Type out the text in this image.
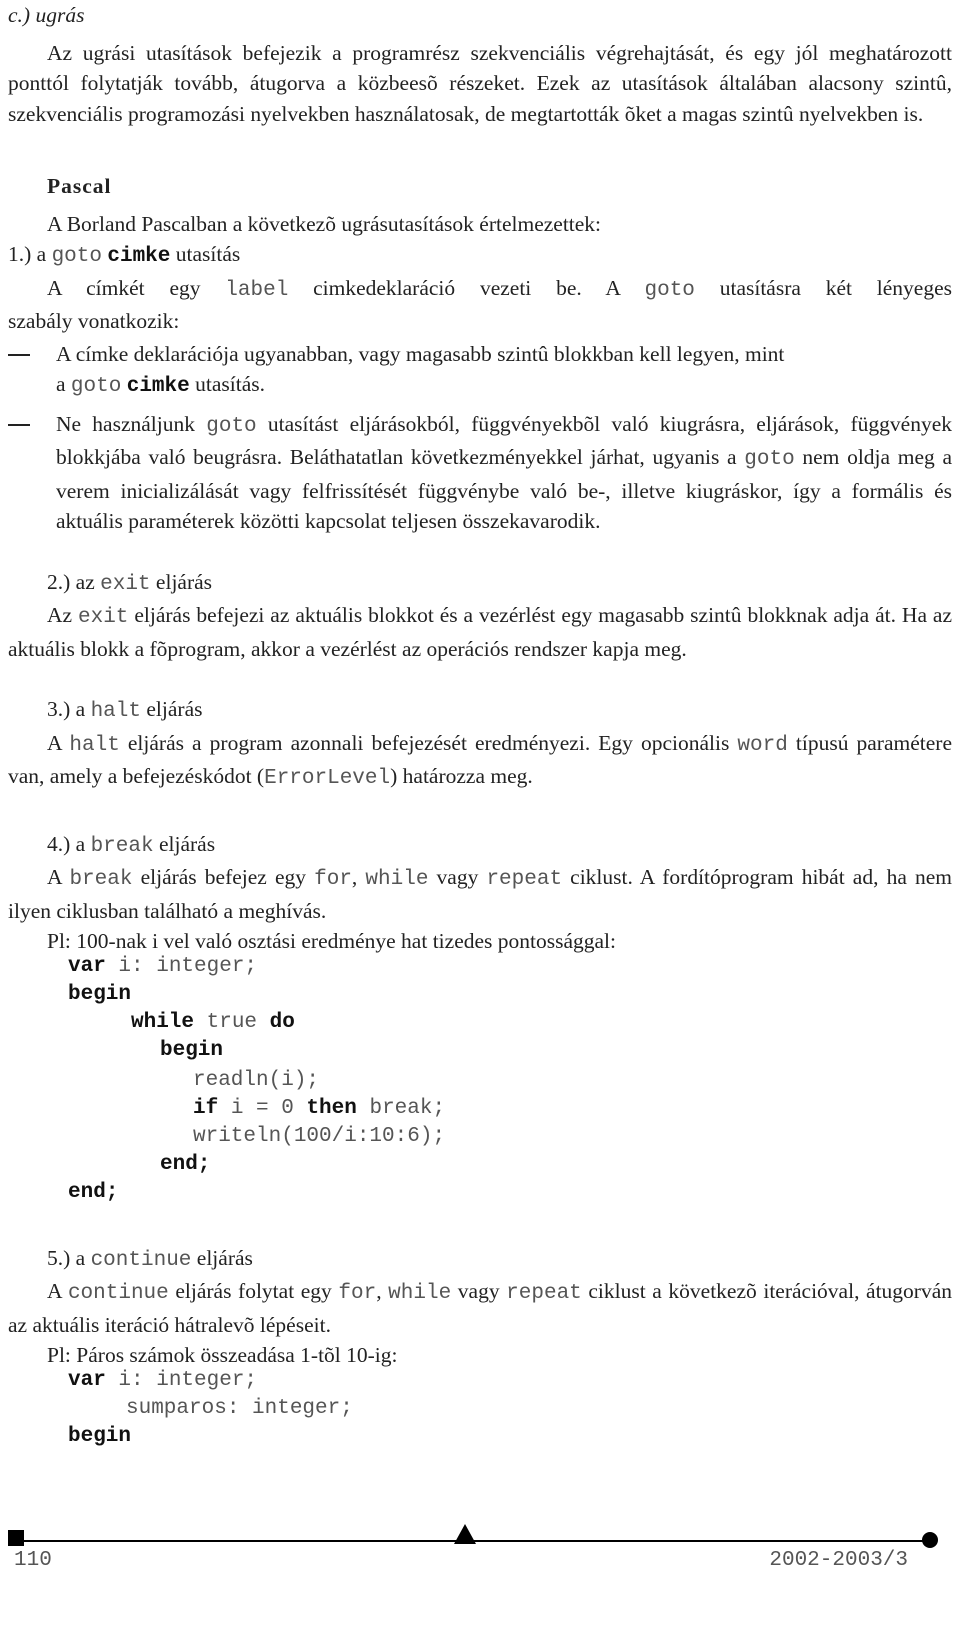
c.) ugrás

Az ugrási utasítások befejezik a programrész szekvenciális végrehajtását, és egy jól meghatározott ponttól folytatják tovább, átugorva a közbeesõ részeket. Ezek az utasítások általában alacsony szintû, szekvenciális programozási nyelvekben használatosak, de megtartották õket a magas szintû nyelvekben is.

Pascal

A Borland Pascalban a következõ ugrásutasítások értelmezettek:

1.) a goto cimke utasítás

A címkét egy label cimkedeklaráció vezeti be. A goto utasításra két lényeges

szabály vonatkozik:

A címke deklarációja ugyanabban, vagy magasabb szintû blokkban kell legyen, mint
a goto cimke utasítás.
Ne használjunk goto utasítást eljárásokból, függvényekbõl való kiugrásra, eljárások, függvények blokkjába való beugrásra. Beláthatatlan következményekkel járhat, ugyanis a goto nem oldja meg a verem inicializálását vagy felfrissítését függvénybe való be-, illetve kiugráskor, így a formális és aktuális paraméterek közötti kapcsolat teljesen összekavarodik.

2.) az exit eljárás

Az exit eljárás befejezi az aktuális blokkot és a vezérlést egy magasabb szintû blokknak adja át. Ha az aktuális blokk a fõprogram, akkor a vezérlést az operációs rendszer kapja meg.

3.) a halt eljárás

A halt eljárás a program azonnali befejezését eredményezi. Egy opcionális word típusú paramétere van, amely a befejezéskódot (ErrorLevel) határozza meg.

4.) a break eljárás

A break eljárás befejez egy for, while vagy repeat ciklust. A fordítóprogram hibát ad, ha nem ilyen ciklusban található a meghívás.

Pl: 100-nak i vel való osztási eredménye hat tizedes pontossággal:

var i: integer;
begin
while true do
begin
readln(i);
if i = 0 then break;
writeln(100/i:10:6);
end;
end;

5.) a continue eljárás

A continue eljárás folytat egy for, while vagy repeat ciklust a következõ iterációval, átugorván az aktuális iteráció hátralevõ lépéseit.

Pl: Páros számok összeadása 1-tõl 10-ig:

var i: integer;
sumparos: integer;
begin
110	2002-2003/3
